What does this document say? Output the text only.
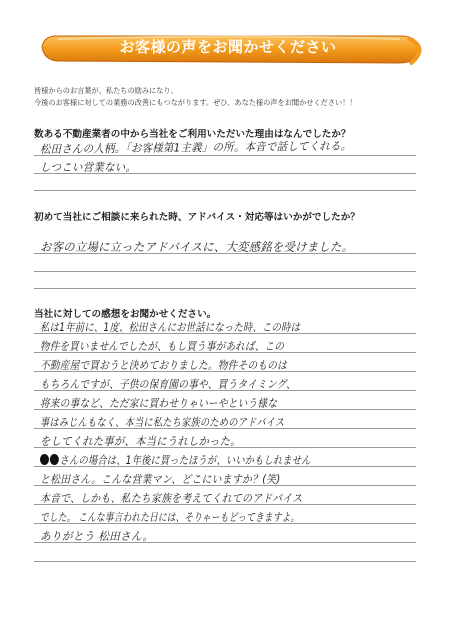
お客様の声をお聞かせください
皆様からのお言葉が、私たちの励みになり、
今後のお客様に対しての業務の改善にもつながります。ぜひ、あなた様の声をお聞かせください！！
数ある不動産業者の中から当社をご利用いただいた理由はなんでしたか？
松田さんの人柄。「お客様第1主義」の所。本音で話してくれる。
しつこい営業ない。
初めて当社にご相談に来られた時、アドバイス・対応等はいかがでしたか？
お客の立場に立ったアドバイスに、大変感銘を受けました。
当社に対しての感想をお聞かせください。
私は1年前に、1度、松田さんにお世話になった時、この時は
物件を買いませんでしたが、もし買う事があれば、この
不動産屋で買おうと決めておりました。物件そのものは
もちろんですが、子供の保育園の事や、買うタイミング、
将来の事など、ただ家に買わせりゃいーやという様な
事はみじんもなく、本当に私たち家族のためのアドバイス
をしてくれた事が、本当にうれしかった。
さんの場合は、1年後に買ったほうが、いいかもしれません
と松田さん。こんな営業マン、どこにいますか？(笑)
本音で、しかも、私たち家族を考えてくれてのアドバイス
でした。 こんな事言われた日には、そりゃーもどってきますよ。
ありがとう 松田さん。
